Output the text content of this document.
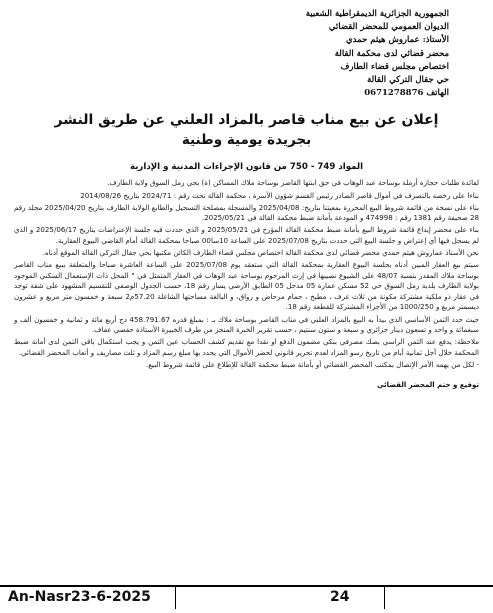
الجمهورية الجزائرية الديمقراطية الشعبية
الديوان العمومي للمحضر القضائي
الأستاذ: عماروش هيثم حمدي
محضر قضائي لدى محكمة القالة
اختصاص مجلس قضاء الطارف
حي جقال التركي القالة
الهاتف 0671278876
إعلان عن بيع مناب قاصر بالمزاد العلني عن طريق النشر
بجريدة يومية وطنية
المواد 749 - 750 من قانون الإجراءات المدنية و الإدارية

لفائدة طلبات حجازة أرملة بوساحة عبد الوهاب في حق ابنتها القاصر بوساحة ملاك المساكن (ة) بحي رمل السوق ولاية الطارف.

بناءا على رخصة بالتصرف في أموال قاصر الصادر رئيس القسم شؤون الأسرة ، محكمة القالة تحت رقم : 2024/71 بتاريخ 2014/08/26

بناء على نسخة من قائمة شروط البيع المحررة بمعيتنا بتاريخ: 2025/04/08 والمسجلة بمصلحة التسجيل والطابع الولاية الطارف بتاريخ 2025/04/20 مجلد رقم 28 صحيفة رقم 1381 رقم : 474998 و المودعة بأمانة ضبط محكمة القالة في 2025/05/21.

بناء على محضر إيداع قائمة شروط البيع بأمانة ضبط محكمة القالة المؤرخ في 2025/05/21 و الذي حددت فيه جلسة الإعتراضات بتاريخ 2025/06/17 و الذي لم يسجل فيها أي إعتراض و جلسة البيع التي حددت بتاريخ 2025/07/08 على الساعة 10سا00 صباحا بمحكمة القالة أمام القاضي البيوع العقارية.

نحن الأستاذ عماروش هيثم حمدي محضر قضائي لدى محكمة القالة اختصاص مجلس قضاء الطارف الكائن مكتبها بحي جقال التركي القالة الموقع أدناه.

سيتم بيع العقار المبين أدناه بجلسة البيوع العقارية بمحكمة القالة التي ستعقد يوم 2025/07/08 على الساعة العاشرة صباحا والمتعلقة ببيع مناب القاصر بوساحة ملاك المقدر بنسبة 48/07 على الشيوع نصيبها في إرث المرحوم بوساحة عبد الوهاب في العقار المتمثل في " المحل ذات الإستعمال السكني الموجود بولاية الطارف بلدية رمل السوق حي 52 مسكن عمارة 05 مدخل 05 الطابق الأرضي يسار رقم 18، حسب الجدول الوصفي للتقسيم المشهود على شقة توجد في عقار ذو ملكية مشتركة مكونة من ثلاث غرف ، مطبخ ، حمام مرحاض و رواق، و البالغة مساحتها الشاغلة 57.20م2 سبعة و خمسون متر مربع و عشرون ديسمتر مربع و 1000/250 من الأجزاء المشتركة للقطعة رقم 18.

حيث حدد الثمن الأساسي الذي بيدأ به البيع بالمزاد العلني في مناب القاصر بوساحة ملاك بـ : بمبلغ قدره 458.791.67 دج أربع مائة و ثمانية و خمسون ألف و سبعمائة و واحد و تسعون دينار جزائري و سبعة و ستون سنتيم ، حسب تقرير الخبرة المنجز من طرف الخبيرة الأستاذة حفصي عفاف.

ملاحظة: يدفع عند الثمن الراسي بصك مصرفي بنكي مضمون الدفع او نقدا مع تقديم كشف الحساب عين الثمن و يجب استكمال باقي الثمن لدى أمانة ضبط المحكمة خلال أجل ثمانية أيام من تاريخ رسو المزاد لعدم تحرير قانوني لحضر الأموال التي يحدد بها مبلغ رسم المزاد و ثلث مصاريف و أتعاب المحضر القضائي.

- لكل من يهمه الأمر الإتصال بمكتب المحضر القضائي أو بأمانة ضبط محكمة القالة للإطلاع على قائمة شروط البيع.

توقيع و ختم المحضر القضائي
An-Nasr23-6-2025	24
